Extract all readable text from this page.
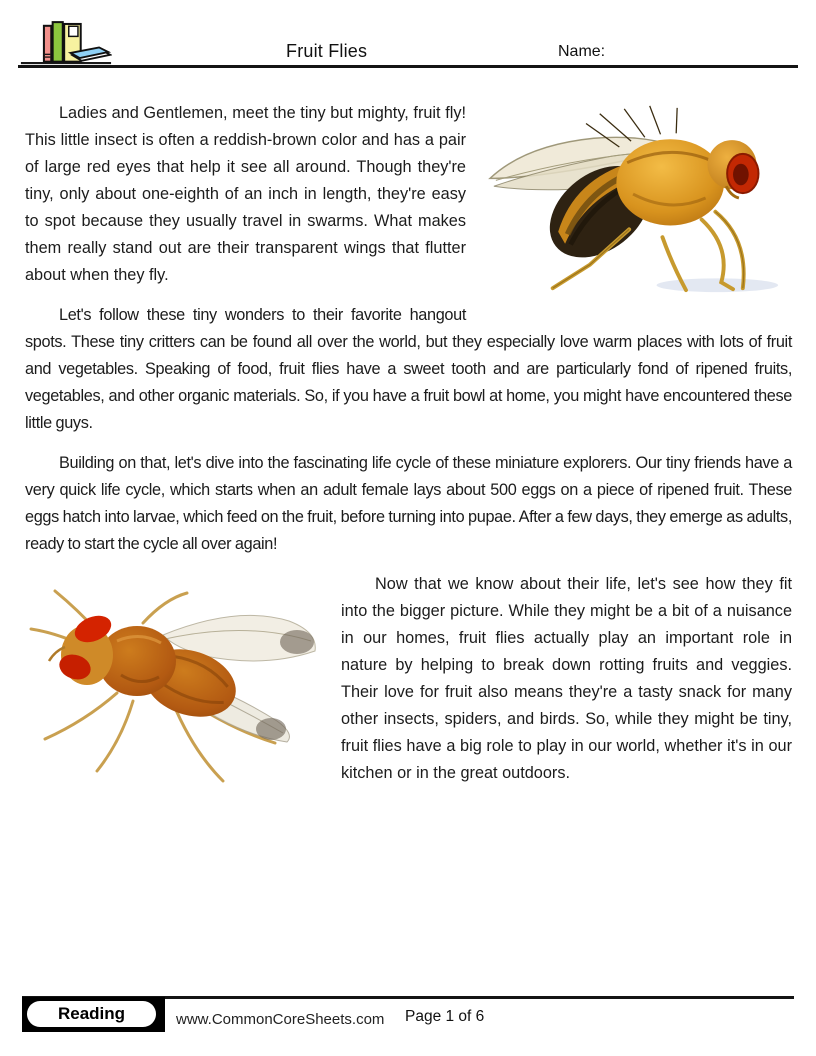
Fruit Flies	Name:

Ladies and Gentlemen, meet the tiny but mighty, fruit fly! This little insect is often a reddish-brown color and has a pair of large red eyes that help it see all around. Though they're tiny, only about one-eighth of an inch in length, they're easy to spot because they usually travel in swarms. What makes them really stand out are their transparent wings that flutter about when they fly.

Let's follow these tiny wonders to their favorite hangout spots. These tiny critters can be found all over the world, but they especially love warm places with lots of fruit and vegetables. Speaking of food, fruit flies have a sweet tooth and are particularly fond of ripened fruits, vegetables, and other organic materials. So, if you have a fruit bowl at home, you might have encountered these little guys.

Building on that, let's dive into the fascinating life cycle of these miniature explorers. Our tiny friends have a very quick life cycle, which starts when an adult female lays about 500 eggs on a piece of ripened fruit. These eggs hatch into larvae, which feed on the fruit, before turning into pupae. After a few days, they emerge as adults, ready to start the cycle all over again!

Now that we know about their life, let's see how they fit into the bigger picture. While they might be a bit of a nuisance in our homes, fruit flies actually play an important role in nature by helping to break down rotting fruits and veggies. Their love for fruit also means they're a tasty snack for many other insects, spiders, and birds. So, while they might be tiny, fruit flies have a big role to play in our world, whether it's in our kitchen or in the great outdoors.

Reading	www.CommonCoreSheets.com Page 1 of 6
